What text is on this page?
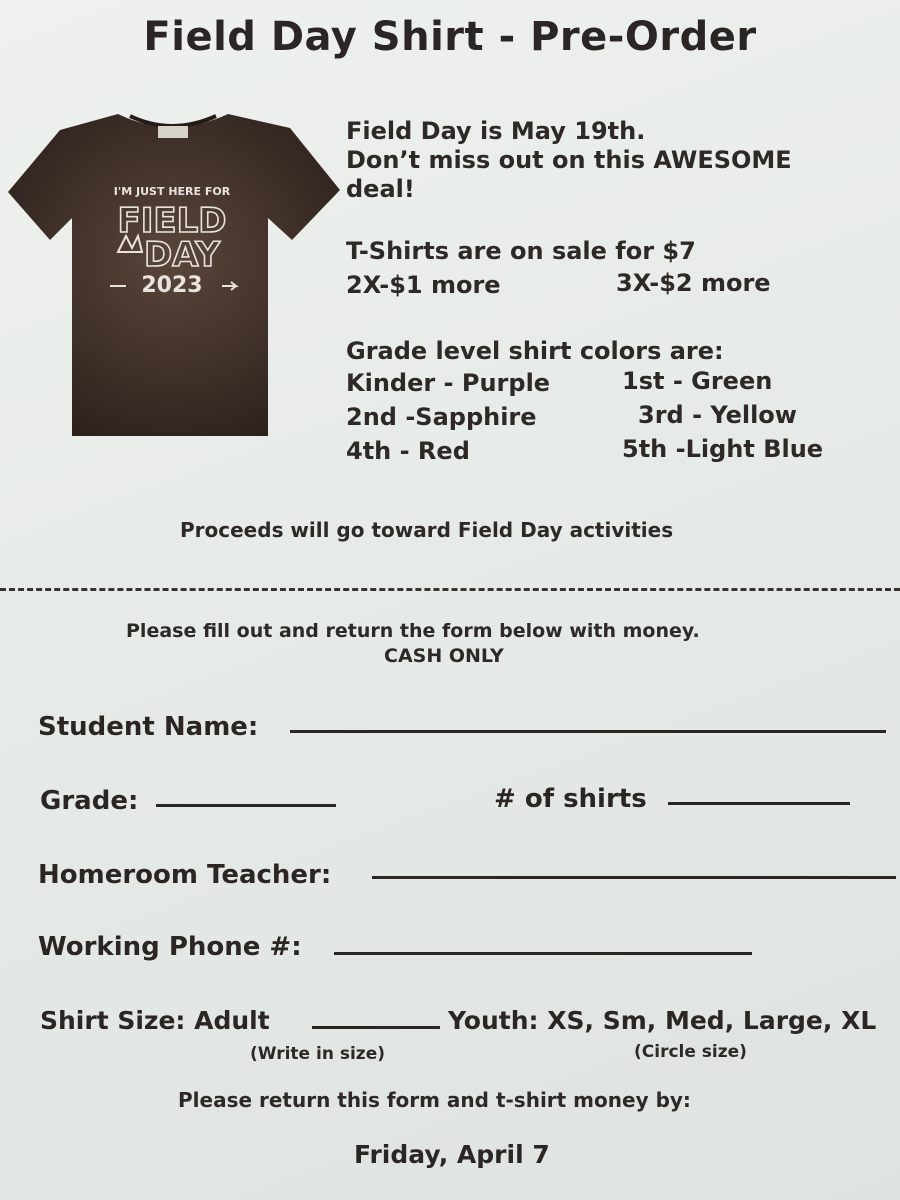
Field Day Shirt - Pre-Order
I'M JUST HERE FOR
FIELD
DAY
2023
Field Day is May 19th.
Don’t miss out on this AWESOME
deal!
T-Shirts are on sale for $7
2X-$1 more	3X-$2 more
Grade level shirt colors are:
Kinder - Purple	1st - Green
2nd -Sapphire	3rd - Yellow
4th - Red	5th -Light Blue
Proceeds will go toward Field Day activities
Please fill out and return the form below with money.
CASH ONLY
Student Name:
Grade:	# of shirts
Homeroom Teacher:
Working Phone #:
Shirt Size: Adult	Youth: XS, Sm, Med, Large, XL
(Write in size)	(Circle size)
Please return this form and t-shirt money by:
Friday, April 7
